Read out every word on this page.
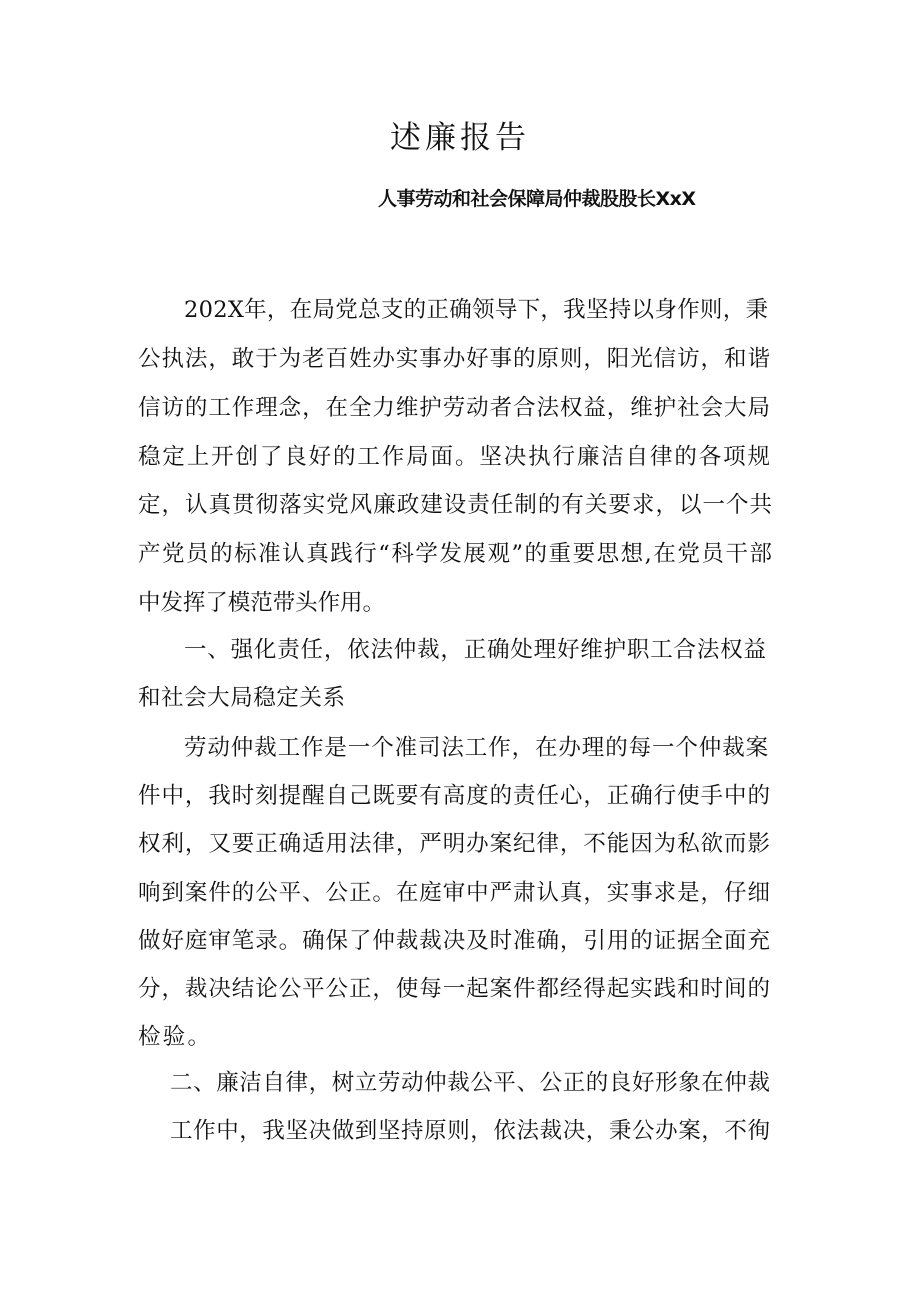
述廉报告
人事劳动和社会保障局仲裁股股长XxX
202X年，在局党总支的正确领导下，我坚持以身作则，秉
公执法，敢于为老百姓办实事办好事的原则，阳光信访，和谐
信访的工作理念，在全力维护劳动者合法权益，维护社会大局
稳定上开创了良好的工作局面。坚决执行廉洁自律的各项规
定，认真贯彻落实党风廉政建设责任制的有关要求，以一个共
产党员的标准认真践行“科学发展观”的重要思想,在党员干部
中发挥了模范带头作用。
一、强化责任，依法仲裁，正确处理好维护职工合法权益
和社会大局稳定关系
劳动仲裁工作是一个准司法工作，在办理的每一个仲裁案
件中，我时刻提醒自己既要有高度的责任心，正确行使手中的
权利，又要正确适用法律，严明办案纪律，不能因为私欲而影
响到案件的公平、公正。在庭审中严肃认真，实事求是，仔细
做好庭审笔录。确保了仲裁裁决及时准确，引用的证据全面充
分，裁决结论公平公正，使每一起案件都经得起实践和时间的
检验。
二、廉洁自律，树立劳动仲裁公平、公正的良好形象在仲裁
工作中，我坚决做到坚持原则，依法裁决，秉公办案，不徇
